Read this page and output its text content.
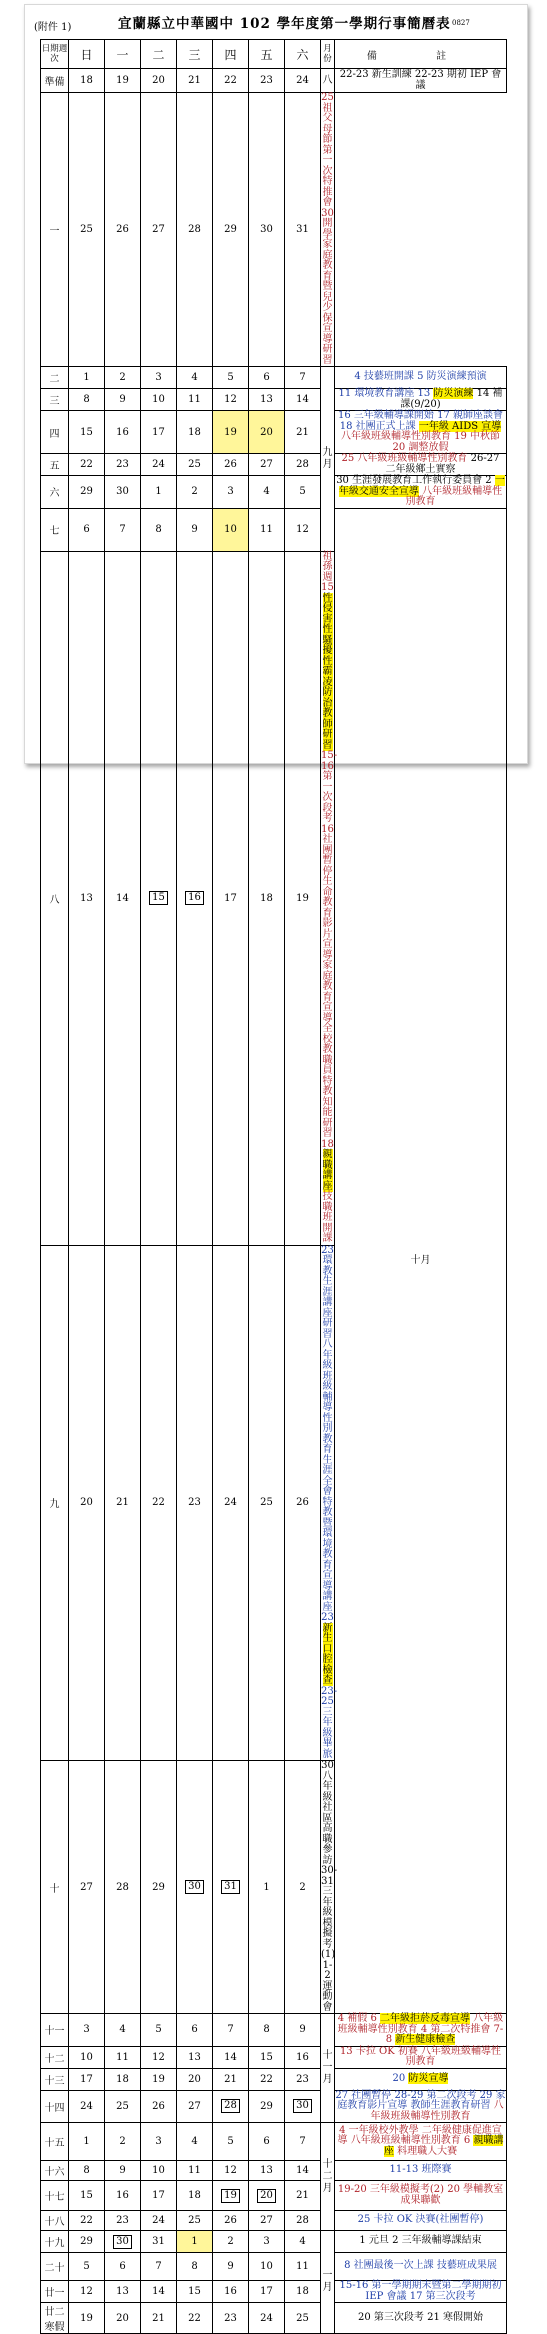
(附件 1)	宜蘭縣立中華國中 102 學年度第一學期行事簡曆表 0827
日期週次	日	一	二	三	四	五	六	月份	備 註	
準備	18	19	20	21	22	23	24	八	22-23 新生訓練 22-23 期初 IEP 會議	
一	25	26	27	28	29	30	31	25 祖父母節 第一次特推會 30 開學 家庭教育暨兒少保宣導研習		
二	1	2	3	4	5	6	7	九月	4 技藝班開課 5 防災演練預演	
三	8	9	10	11	12	13	14		11 環境教育講座 13 防災演練 14 補課(9/20)	
四	15	16	17	18	19	20	21		16 三年級輔導課開始 17 親師座談會 18 社團正式上課 一年級 AIDS 宣導 八年級班級輔導性別教育 19 中秋節 20 調整放假	
五	22	23	24	25	26	27	28		25 八年級班級輔導性別教育 26-27 二年級鄉土實察	
六	29	30	1	2	3	4	5		30 生涯發展教育工作執行委員會 2 一年級交通安全宣導 八年級班級輔導性別教育	
七	6	7	8	9	10	11	12		十月	
八	13	14	15	16	17	18	19	祖孫週 15 性侵害性騷擾性霸凌防治教師研習 15-16 第一次段考 16 社團暫停生命教育影片宣導 家庭教育宣導 全校教職員特教知能研習 18 親職講座 技職班開課		
九	20	21	22	23	24	25	26	23 環教生涯講座研習 八年級班級輔導性別教育 生涯全會特教暨環境教育宣導講座 23 新生口腔檢查 23-25 三年級畢旅		
十	27	28	29	30	31	1	2	30 八年級社區高職參訪 30-31 三年級模擬考(1) 1-2 運動會		
十一	3	4	5	6	7	8	9	十一月	4 補假 6 二年級拒菸反毒宣導 八年級班級輔導性別教育 4 第二次特推會 7-8 新生健康檢查	
十二	10	11	12	13	14	15	16		13 卡拉 OK 初賽 八年級班級輔導性別教育	
十三	17	18	19	20	21	22	23		20 防災宣導	
十四	24	25	26	27	28	29	30		27 社團暫停 28-29 第二次段考 29 家庭教育影片宣導 教師生涯教育研習 八年級班級輔導性別教育	
十五	1	2	3	4	5	6	7	十二月	4 一年級校外教學 二年級健康促進宣導 八年級班級輔導性別教育 6 親職講座 料理職人大賽	
十六	8	9	10	11	12	13	14		11-13 班際賽	
十七	15	16	17	18	19	20	21		19-20 三年級模擬考(2) 20 學輔教室成果聯歡	
十八	22	23	24	25	26	27	28		25 卡拉 OK 決賽(社團暫停)	
十九	29	30	31	1	2	3	4	一月	1 元旦 2 三年級輔導課結束	
二十	5	6	7	8	9	10	11		8 社團最後一次上課 技藝班成果展	
廿一	12	13	14	15	16	17	18		15-16 第一學期期末暨第二學期期初 IEP 會議 17 第三次段考	
廿二寒假	19	20	21	22	23	24	25		20 第三次段考 21 寒假開始	
